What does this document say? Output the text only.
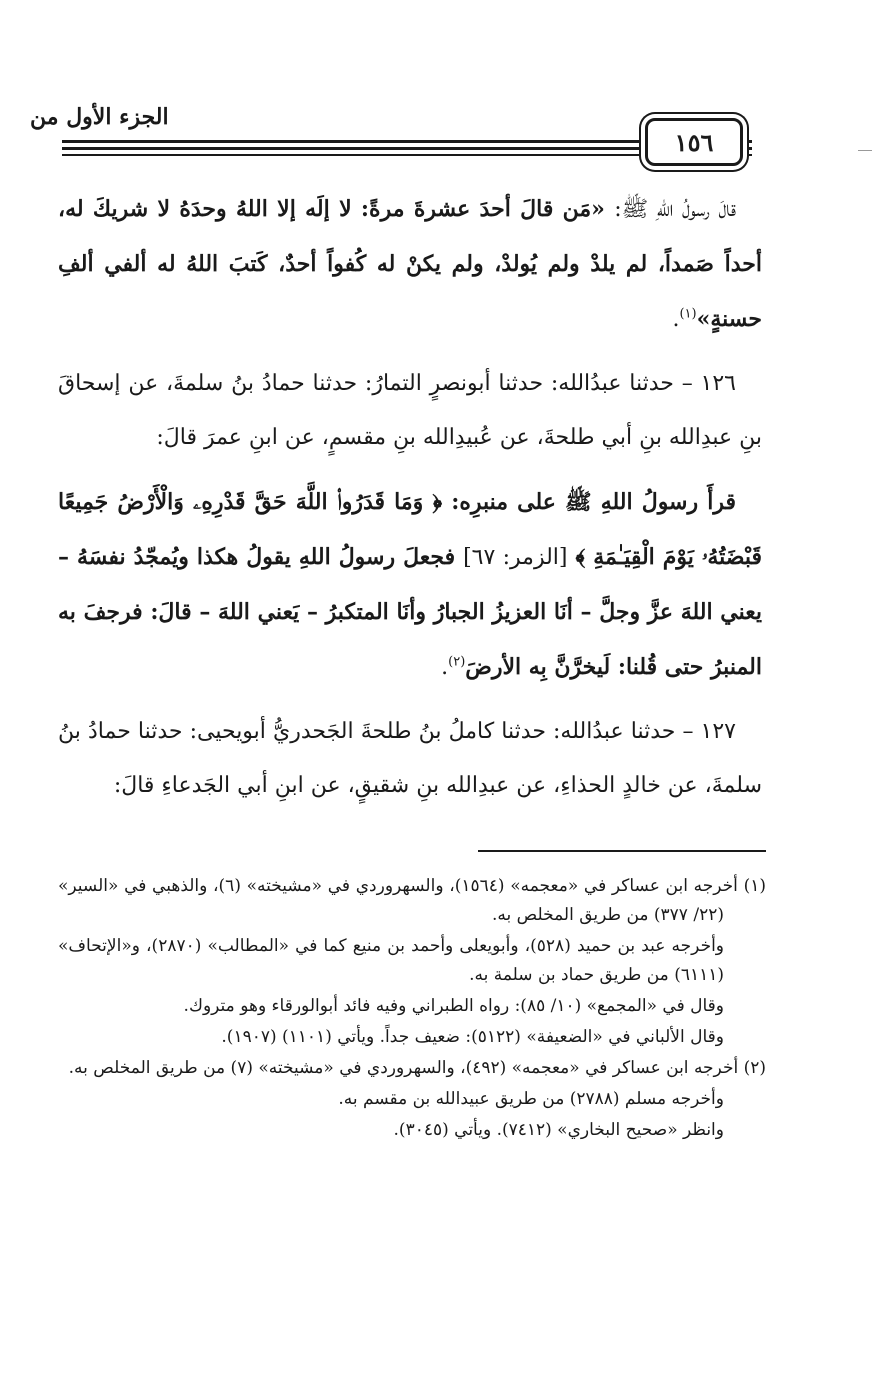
الجزء الأول من
١٥٦

قالَ رسولُ اللهِ ﷺ: «مَن قالَ أحدَ عشرةَ مرةً: لا إلَه إلا اللهُ وحدَهُ لا شريكَ له، أحداً صَمداً، لم يلدْ ولم يُولدْ، ولم يكنْ له كُفواً أحدٌ، كَتبَ اللهُ له ألفي ألفِ حسنةٍ»$^{(١)}$.

١٢٦ – حدثنا عبدُالله: حدثنا أبونصرٍ التمارُ: حدثنا حمادُ بنُ سلمةَ، عن إسحاقَ بنِ عبدِالله بنِ أبي طلحةَ، عن عُبيدِالله بنِ مقسمٍ، عن ابنِ عمرَ قالَ:

قرأَ رسولُ اللهِ ﷺ على منبرِه: ﴿ وَمَا قَدَرُوا۟ اللَّهَ حَقَّ قَدْرِهِۦ وَالْأَرْضُ جَمِيعًا قَبْضَتُهُۥ يَوْمَ الْقِيَـٰمَةِ ﴾ [الزمر: ٦٧] فجعلَ رسولُ اللهِ يقولُ هكذا ويُمجّدُ نفسَهُ – يعني اللهَ عزَّ وجلَّ – أنَا العزيزُ الجبارُ وأنَا المتكبرُ – يَعني اللهَ – قالَ: فرجفَ به المنبرُ حتى قُلنا: لَيخرَّنَّ بِه الأرضَ$^{(٢)}$.

١٢٧ – حدثنا عبدُالله: حدثنا كاملُ بنُ طلحةَ الجَحدريُّ أبويحيى: حدثنا حمادُ بنُ سلمةَ، عن خالدٍ الحذاءِ، عن عبدِالله بنِ شقيقٍ، عن ابنِ أبي الجَدعاءِ قالَ:

(١) أخرجه ابن عساكر في «معجمه» (١٥٦٤)، والسهروردي في «مشيخته» (٦)، والذهبي في «السير» (٢٢/ ٣٧٧) من طريق المخلص به.
وأخرجه عبد بن حميد (٥٢٨)، وأبويعلى وأحمد بن منيع كما في «المطالب» (٢٨٧٠)، و«الإتحاف» (٦١١١) من طريق حماد بن سلمة به.
وقال في «المجمع» (١٠/ ٨٥): رواه الطبراني وفيه فائد أبوالورقاء وهو متروك.
وقال الألباني في «الضعيفة» (٥١٢٢): ضعيف جداً. ويأتي (١١٠١) (١٩٠٧).
(٢) أخرجه ابن عساكر في «معجمه» (٤٩٢)، والسهروردي في «مشيخته» (٧) من طريق المخلص به.
وأخرجه مسلم (٢٧٨٨) من طريق عبيدالله بن مقسم به.
وانظر «صحيح البخاري» (٧٤١٢). ويأتي (٣٠٤٥).
